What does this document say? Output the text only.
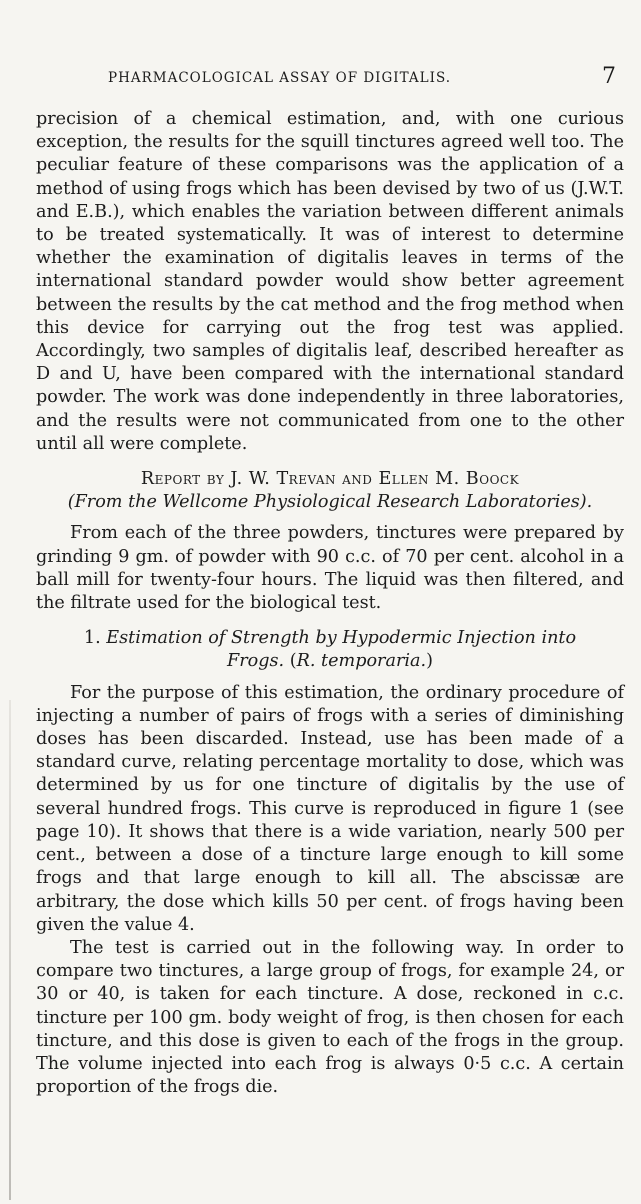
PHARMACOLOGICAL ASSAY OF DIGITALIS.	7

precision of a chemical estimation, and, with one curious exception, the results for the squill tinctures agreed well too. The peculiar feature of these comparisons was the application of a method of using frogs which has been devised by two of us (J.W.T. and E.B.), which enables the variation between different animals to be treated systematically. It was of interest to determine whether the examination of digitalis leaves in terms of the international standard powder would show better agreement between the results by the cat method and the frog method when this device for carrying out the frog test was applied. Accordingly, two samples of digitalis leaf, described hereafter as D and U, have been compared with the international standard powder. The work was done independently in three laboratories, and the results were not communicated from one to the other until all were complete.

Report by J. W. Trevan and Ellen M. Boock

(From the Wellcome Physiological Research Laboratories).

From each of the three powders, tinctures were prepared by grinding 9 gm. of powder with 90 c.c. of 70 per cent. alcohol in a ball mill for twenty-four hours. The liquid was then filtered, and the filtrate used for the biological test.

1. Estimation of Strength by Hypodermic Injection into
Frogs. (R. temporaria.)

For the purpose of this estimation, the ordinary procedure of injecting a number of pairs of frogs with a series of diminishing doses has been discarded. Instead, use has been made of a standard curve, relating percentage mortality to dose, which was determined by us for one tincture of digitalis by the use of several hundred frogs. This curve is reproduced in figure 1 (see page 10). It shows that there is a wide variation, nearly 500 per cent., between a dose of a tincture large enough to kill some frogs and that large enough to kill all. The abscissæ are arbitrary, the dose which kills 50 per cent. of frogs having been given the value 4.

The test is carried out in the following way. In order to compare two tinctures, a large group of frogs, for example 24, or 30 or 40, is taken for each tincture. A dose, reckoned in c.c. tincture per 100 gm. body weight of frog, is then chosen for each tincture, and this dose is given to each of the frogs in the group. The volume injected into each frog is always 0·5 c.c. A certain proportion of the frogs die.
